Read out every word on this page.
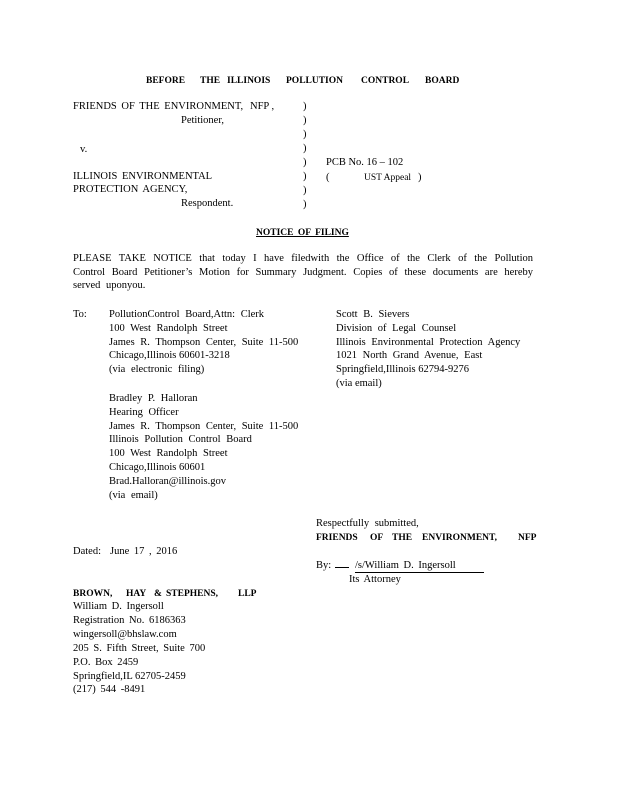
BEFORE THE ILLINOIS POLLUTION CONTROL BOARD
FRIENDS OF THE ENVIRONMENT, NFP ,
Petitioner,
v.
ILLINOIS ENVIRONMENTAL
PROTECTION AGENCY,
Respondent.
)
)
)
)
)
)
)
)
PCB No. 16 – 102
(	UST Appeal )
NOTICE OF FILING
PLEASE TAKE NOTICE that today I have filedwith the Office of the Clerk of the Pollution Control Board Petitioner’s Motion for Summary Judgment. Copies of these documents are hereby served uponyou.
To: PollutionControl Board,Attn: Clerk
100 West Randolph Street
James R. Thompson Center, Suite 11-500
Chicago,Illinois 60601-3218
(via electronic filing)
Bradley P. Halloran
Hearing Officer
James R. Thompson Center, Suite 11-500
Illinois Pollution Control Board
100 West Randolph Street
Chicago,Illinois 60601
Brad.Halloran@illinois.gov
(via email)
Scott B. Sievers
Division of Legal Counsel
Illinois Environmental Protection Agency
1021 North Grand Avenue, East
Springfield,Illinois 62794-9276
(via email)
Respectfully submitted,
FRIENDS OF THE ENVIRONMENT, NFP
Dated: June 17 , 2016
By:	/s/William D. Ingersoll
Its Attorney
BROWN, HAY & STEPHENS, LLP
William D. Ingersoll
Registration No. 6186363
wingersoll@bhslaw.com
205 S. Fifth Street, Suite 700
P.O. Box 2459
Springfield,IL 62705-2459
(217) 544 -8491
